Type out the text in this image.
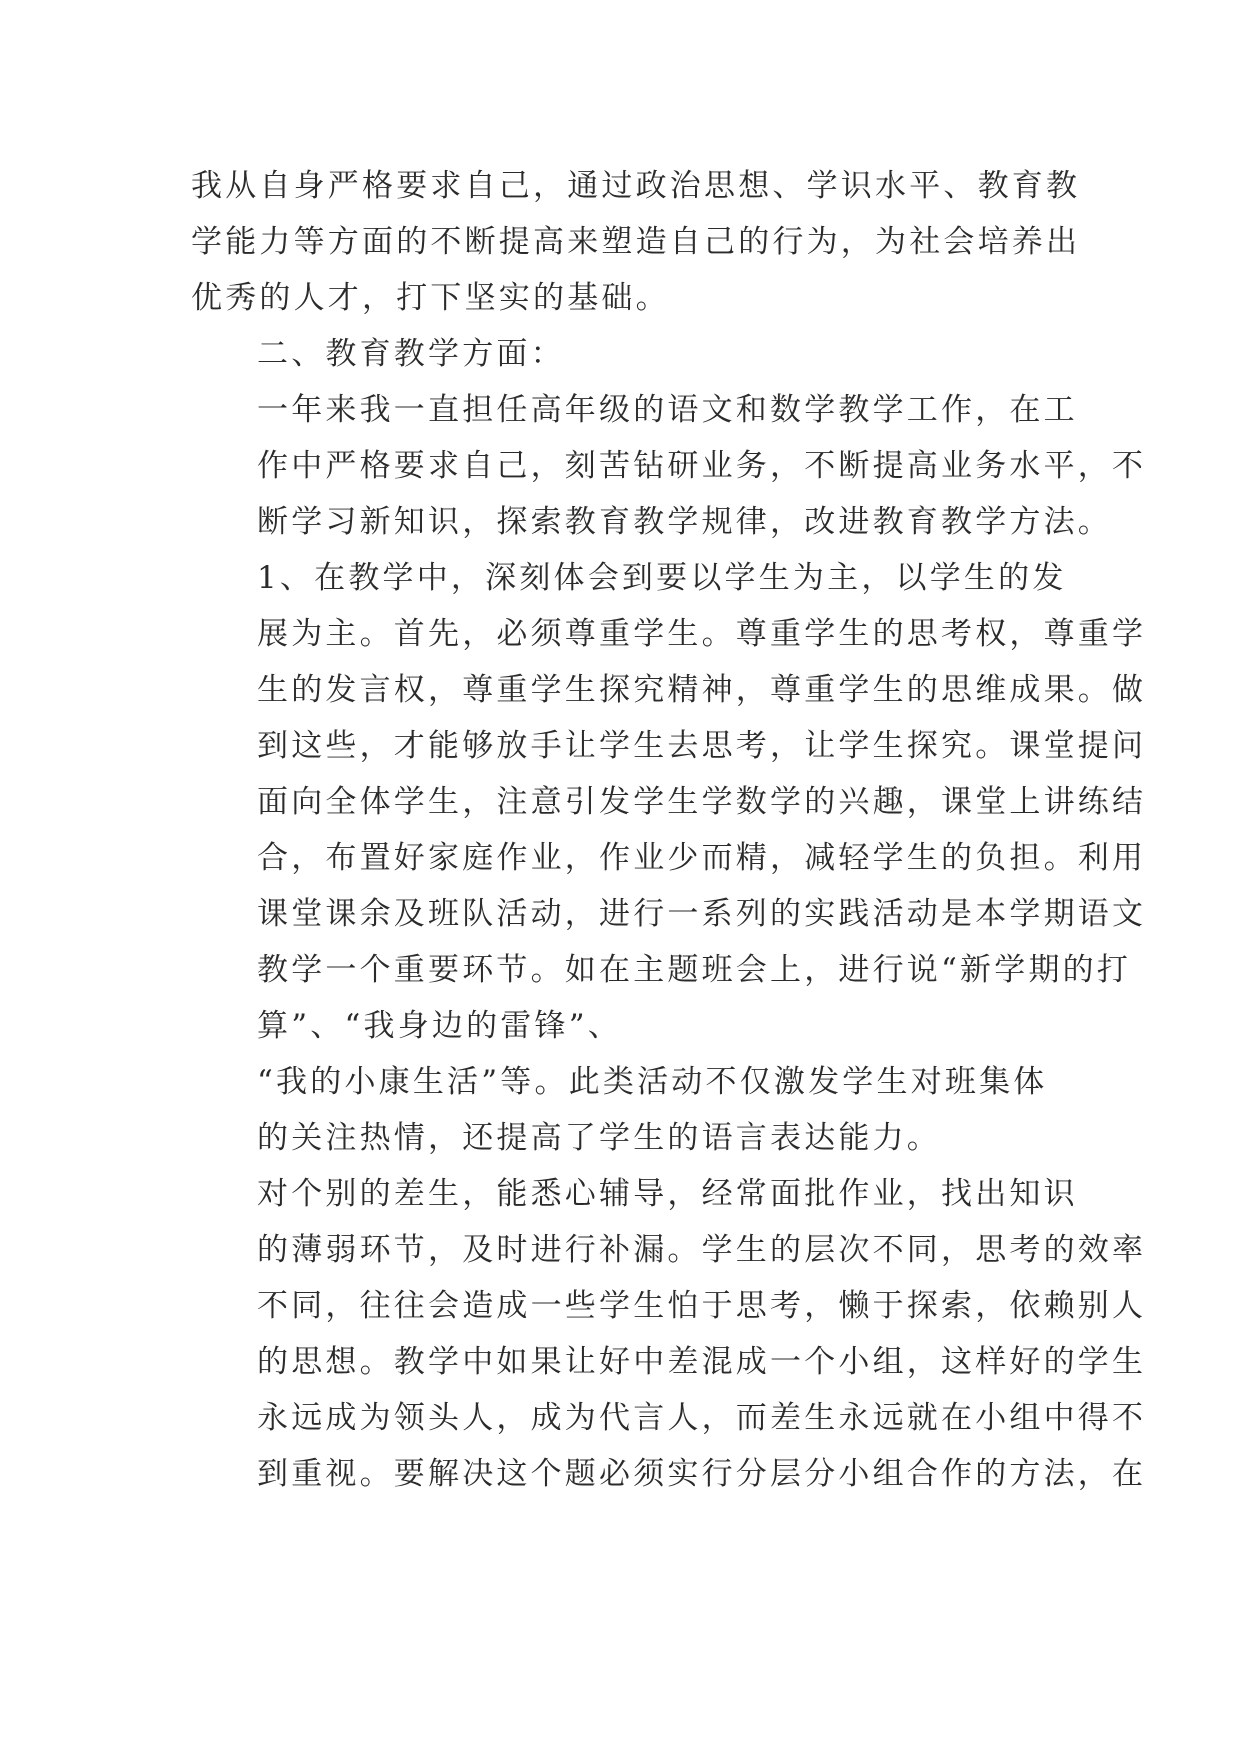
我从自身严格要求自己，通过政治思想、学识水平、教育教
学能力等方面的不断提高来塑造自己的行为，为社会培养出
优秀的人才，打下坚实的基础。

二、教育教学方面：

一年来我一直担任高年级的语文和数学教学工作，在工
作中严格要求自己，刻苦钻研业务，不断提高业务水平，不
断学习新知识，探索教育教学规律，改进教育教学方法。

1、在教学中，深刻体会到要以学生为主，以学生的发
展为主。首先，必须尊重学生。尊重学生的思考权，尊重学
生的发言权，尊重学生探究精神，尊重学生的思维成果。做
到这些，才能够放手让学生去思考，让学生探究。课堂提问
面向全体学生，注意引发学生学数学的兴趣，课堂上讲练结
合，布置好家庭作业，作业少而精，减轻学生的负担。利用
课堂课余及班队活动，进行一系列的实践活动是本学期语文
教学一个重要环节。如在主题班会上，进行说“新学期的打
算”、“我身边的雷锋”、

“我的小康生活”等。此类活动不仅激发学生对班集体
的关注热情，还提高了学生的语言表达能力。

对个别的差生，能悉心辅导，经常面批作业，找出知识
的薄弱环节，及时进行补漏。学生的层次不同，思考的效率
不同，往往会造成一些学生怕于思考，懒于探索，依赖别人
的思想。教学中如果让好中差混成一个小组，这样好的学生
永远成为领头人，成为代言人，而差生永远就在小组中得不
到重视。要解决这个题必须实行分层分小组合作的方法，在
